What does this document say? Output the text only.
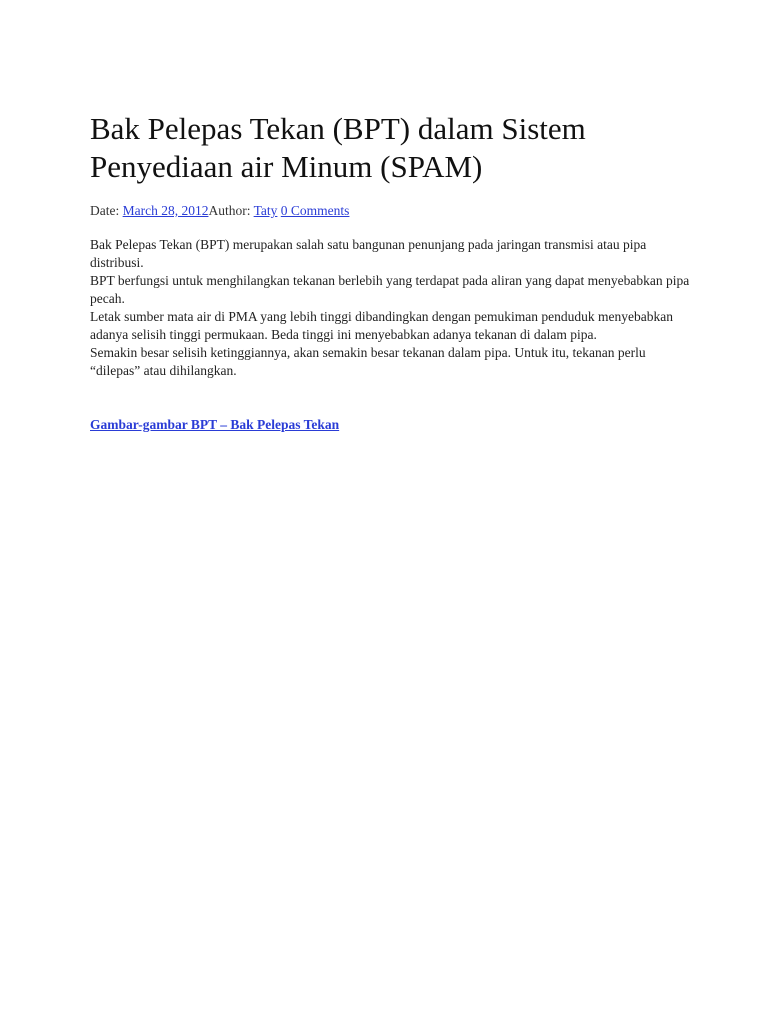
Bak Pelepas Tekan (BPT) dalam Sistem Penyediaan air Minum (SPAM)
Date: March 28, 2012Author: Taty 0 Comments

Bak Pelepas Tekan (BPT) merupakan salah satu bangunan penunjang pada jaringan transmisi atau pipa distribusi.

BPT berfungsi untuk menghilangkan tekanan berlebih yang terdapat pada aliran yang dapat menyebabkan pipa pecah.

Letak sumber mata air di PMA yang lebih tinggi dibandingkan dengan pemukiman penduduk menyebabkan adanya selisih tinggi permukaan. Beda tinggi ini menyebabkan adanya tekanan di dalam pipa.

Semakin besar selisih ketinggiannya, akan semakin besar tekanan dalam pipa. Untuk itu, tekanan perlu “dilepas” atau dihilangkan.

Gambar-gambar BPT – Bak Pelepas Tekan
